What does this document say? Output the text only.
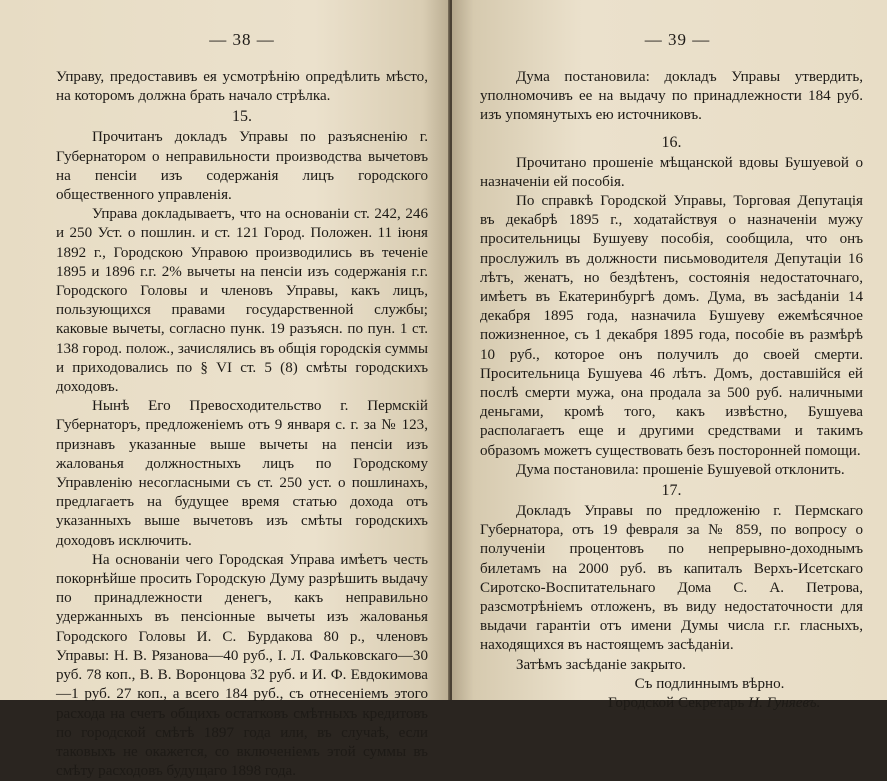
— 38 —

Управу, предоставивъ ея усмотрѣнію опредѣлить мѣсто, на которомъ должна брать начало стрѣлка.

15.

Прочитанъ докладъ Управы по разъясненію г. Губернатором о неправильности производства вычетовъ на пенсіи изъ содержанія лицъ городского общественного управленія.

Управа докладываетъ, что на основаніи ст. 242, 246 и 250 Уст. о пошлин. и ст. 121 Город. Положен. 11 іюня 1892 г., Городскою Управою производились въ теченіе 1895 и 1896 г.г. 2% вычеты на пенсіи изъ содержанія г.г. Городского Головы и членовъ Управы, какъ лицъ, пользующихся правами государственной службы; каковые вычеты, согласно пунк. 19 разъясн. по пун. 1 ст. 138 город. полож., зачислялись въ общія городскія суммы и приходовались по § VI ст. 5 (8) смѣты городскихъ доходовъ.

Нынѣ Его Превосходительство г. Пермскій Губернаторъ, предложеніемъ отъ 9 января с. г. за № 123, признавъ указанные выше вычеты на пенсіи изъ жалованья должностныхъ лицъ по Городскому Управленію несогласными съ ст. 250 уст. о пошлинахъ, предлагаетъ на будущее время статью дохода отъ указанныхъ выше вычетовъ изъ смѣты городскихъ доходовъ исключить.

На основаніи чего Городская Управа имѣетъ честь покорнѣйше просить Городскую Думу разрѣшить выдачу по принадлежности денегъ, какъ неправильно удержанныхъ въ пенсіонные вычеты изъ жалованья Городского Головы И. С. Бурдакова 80 р., членовъ Управы: Н. В. Рязанова—40 руб., І. Л. Фальковскаго—30 руб. 78 коп., В. В. Воронцова 32 руб. и И. Ф. Евдокимова—1 руб. 27 коп., а всего 184 руб., съ отнесеніемъ этого расхода на счетъ общихъ остатковъ смѣтныхъ кредитовъ по городской смѣтѣ 1897 года или, въ случаѣ, если таковыхъ не окажется, со включеніемъ этой суммы въ смѣту расходовъ будущаго 1898 года.

— 39 —

Дума постановила: докладъ Управы утвердить, уполномочивъ ее на выдачу по принадлежности 184 руб. изъ упомянутыхъ ею источниковъ.

16.

Прочитано прошеніе мѣщанской вдовы Бушуевой о назначеніи ей пособія.

По справкѣ Городской Управы, Торговая Депутація въ декабрѣ 1895 г., ходатайствуя о назначеніи мужу просительницы Бушуеву пособія, сообщила, что онъ прослужилъ въ должности письмоводителя Депутаціи 16 лѣтъ, женатъ, но бездѣтенъ, состоянія недостаточнаго, имѣетъ въ Екатеринбургѣ домъ. Дума, въ засѣданіи 14 декабря 1895 года, назначила Бушуеву ежемѣсячное пожизненное, съ 1 декабря 1895 года, пособіе въ размѣрѣ 10 руб., которое онъ получилъ до своей смерти. Просительница Бушуева 46 лѣтъ. Домъ, доставшійся ей послѣ смерти мужа, она продала за 500 руб. наличными деньгами, кромѣ того, какъ извѣстно, Бушуева располагаетъ еще и другими средствами и такимъ образомъ можетъ существовать безъ посторонней помощи.

Дума постановила: прошеніе Бушуевой отклонить.

17.

Докладъ Управы по предложенію г. Пермскаго Губернатора, отъ 19 февраля за № 859, по вопросу о полученіи процентовъ по непрерывно-доходнымъ билетамъ на 2000 руб. въ капиталъ Верхъ-Исетскаго Сиротско-Воспитательнаго Дома С. А. Петрова, разсмотрѣніемъ отложенъ, въ виду недостаточности для выдачи гарантіи отъ имени Думы числа г.г. гласныхъ, находящихся въ настоящемъ засѣданіи.

Затѣмъ засѣданіе закрыто.

Съ подлиннымъ вѣрно.

Городской Секретарь Н. Гуняевъ.
